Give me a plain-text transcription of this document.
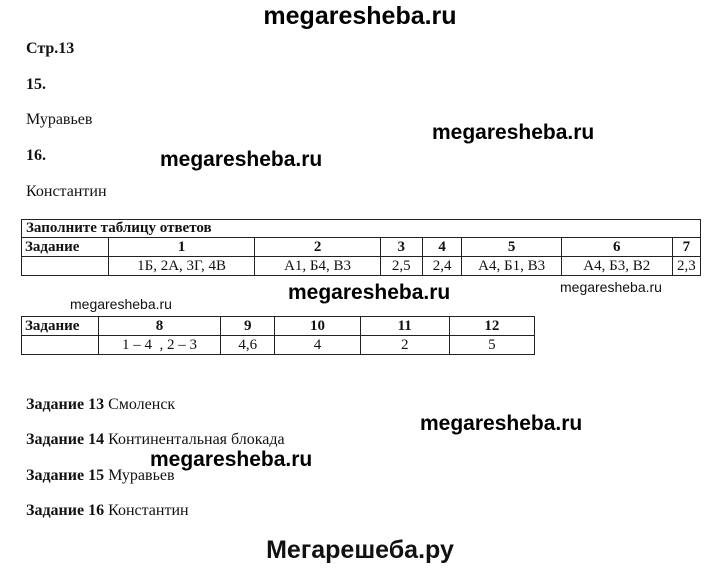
megaresheba.ru
megaresheba.ru
megaresheba.ru
megaresheba.ru
megaresheba.ru
megaresheba.ru
megaresheba.ru
megaresheba.ru
Стр.13
15.
Муравьев
16.
Константин
Заполните таблицу ответов							
Задание	1	2	3	4	5	6	7
	1Б, 2А, 3Г, 4В	А1, Б4, В3	2,5	2,4	А4, Б1, В3	А4, Б3, В2	2,3
Задание	8	9	10	11	12
	1 – 4  , 2 – 3	4,6	4	2	5
Задание 13 Смоленск
Задание 14 Континентальная блокада
Задание 15 Муравьев
Задание 16 Константин
Мегарешеба.ру
